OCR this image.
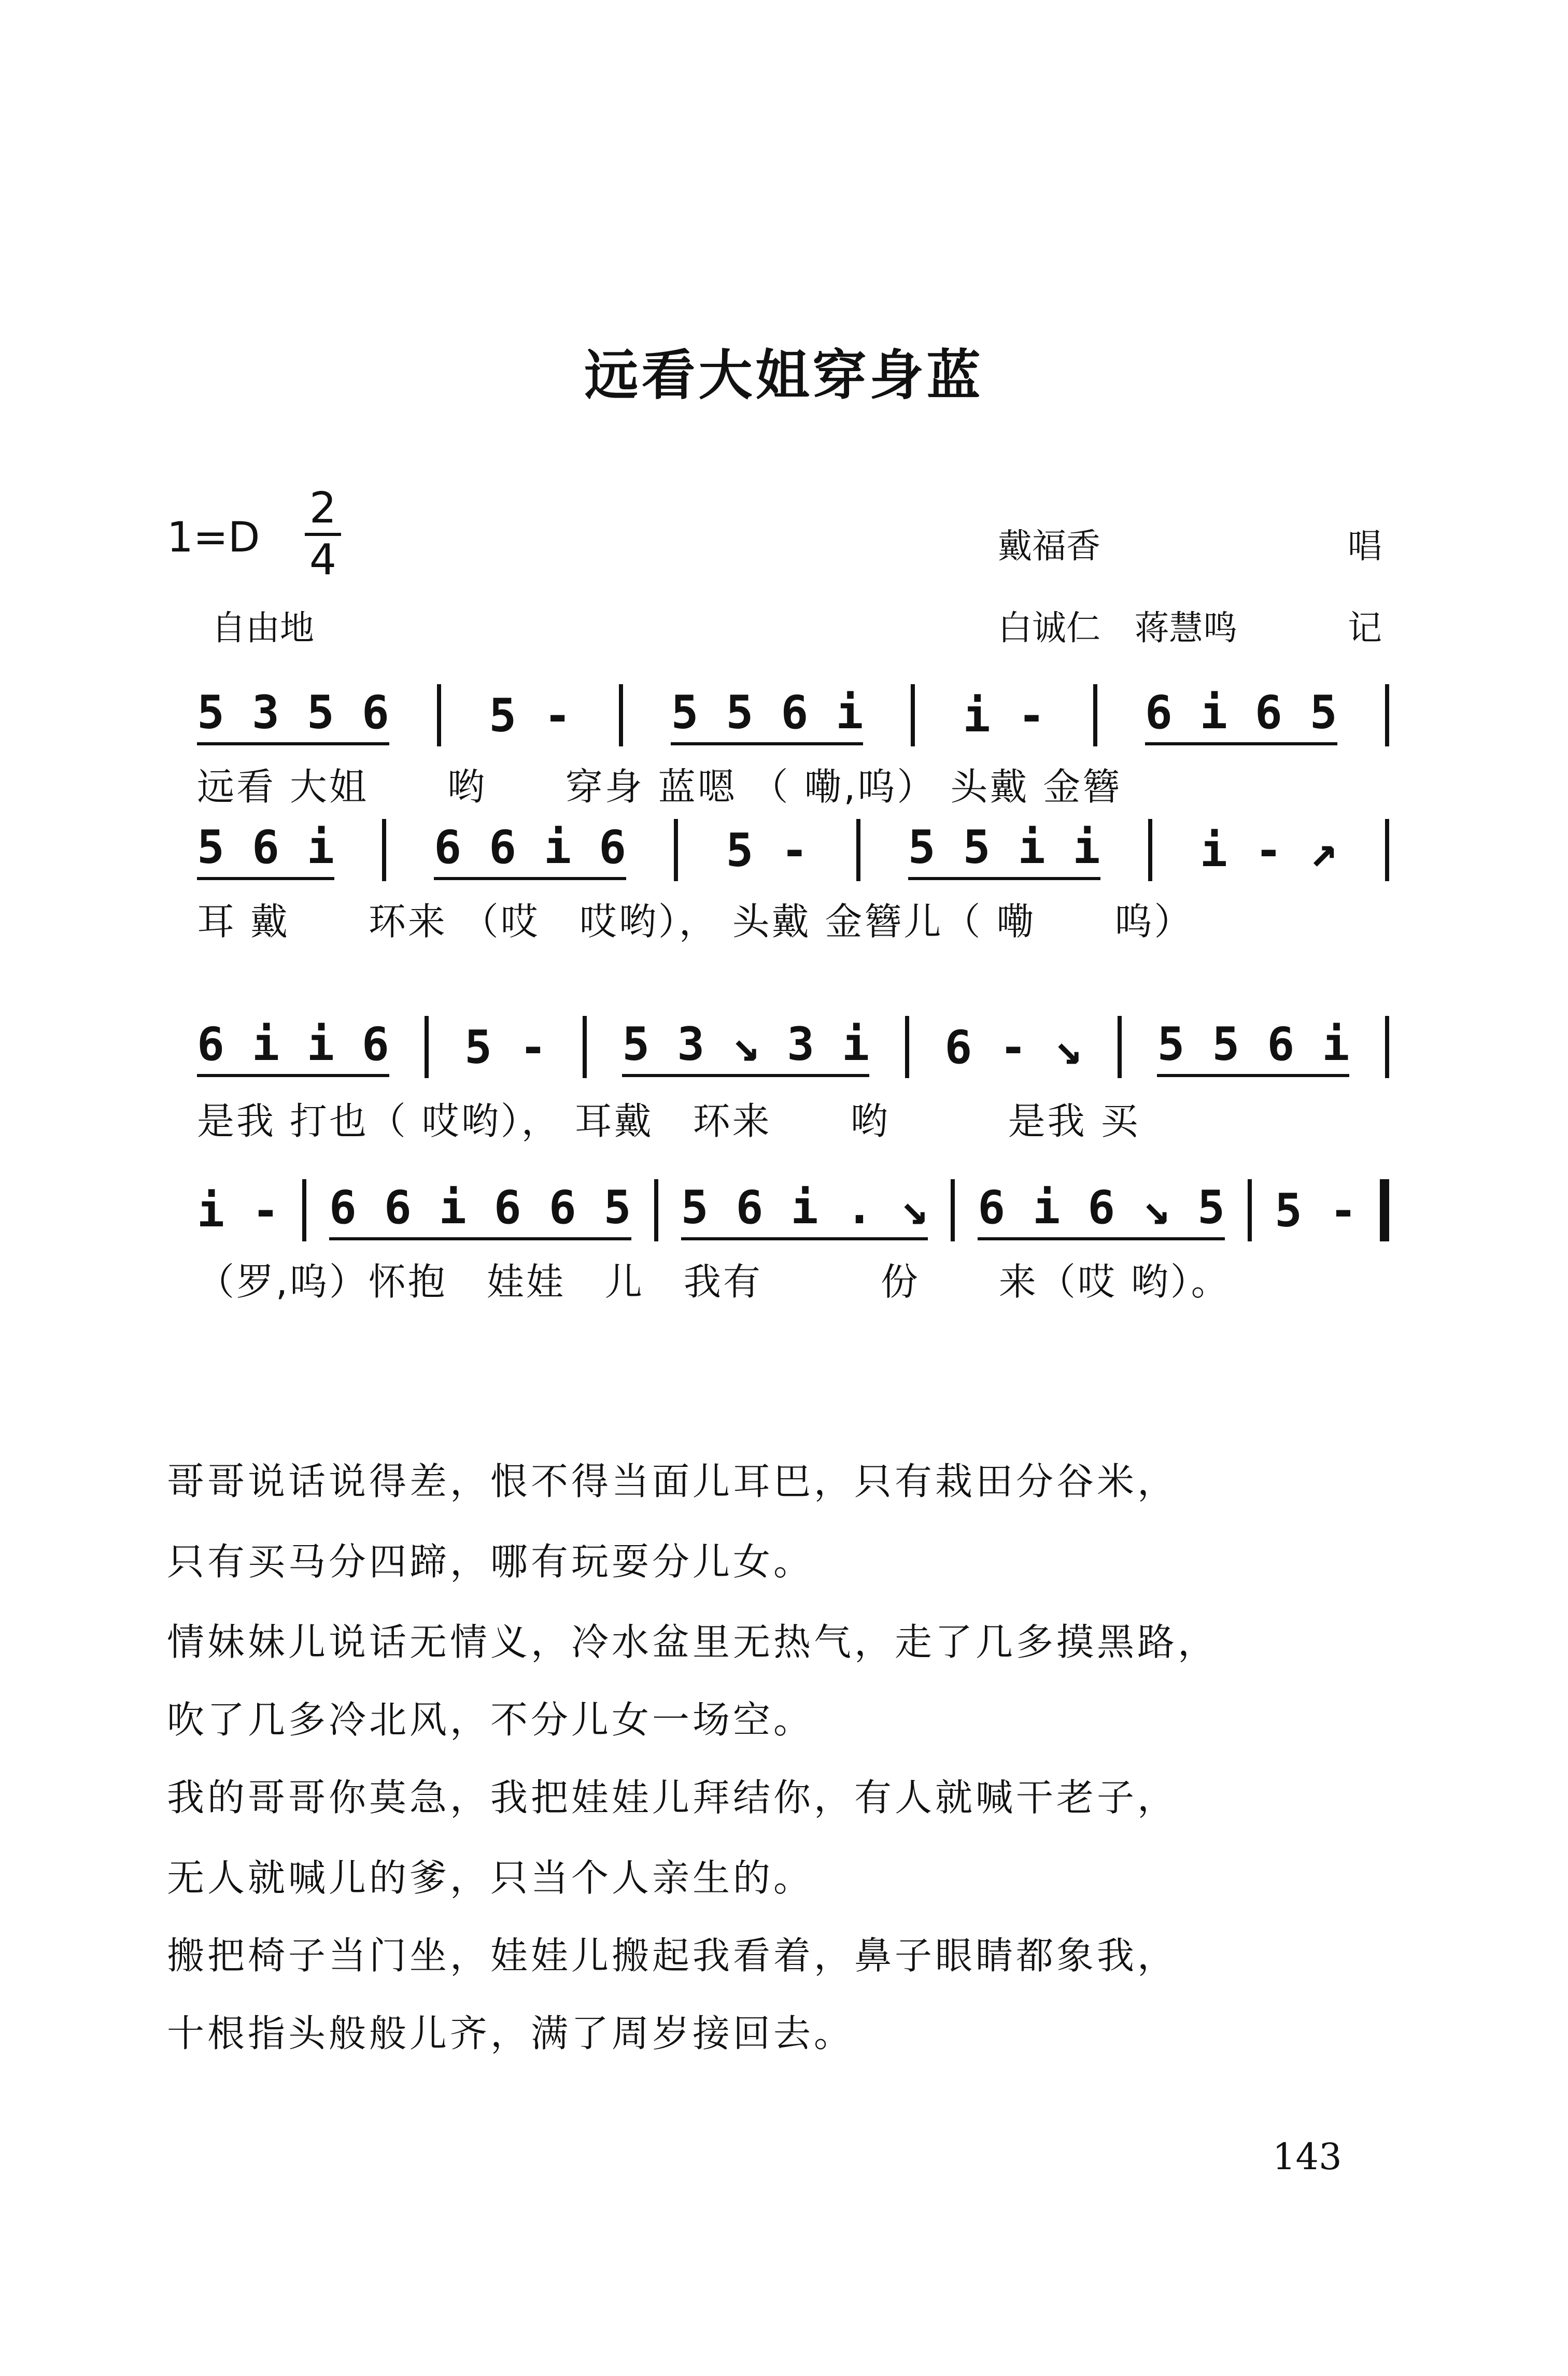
远看大姐穿身蓝
1=D
2
4	戴福香	唱
自由地	白诚仁　蒋慧鸣	记
5 3 5 6 5 - 5 5 6 i i - 6 i 6 5
远看 大姐　　哟　　穿身 蓝嗯 （ 嘞,呜） 头戴 金簪
5 6 i 6 6 i 6 5 - 5 5 i i i - ↗
耳 戴　　环来 （哎　哎哟）， 头戴 金簪儿（ 嘞　　呜）
6 i i 6 5 - 5 3 ↘ 3 i 6 - ↘ 5 5 6 i
是我 打也（ 哎哟）， 耳戴　环来　　哟　　　是我 买
i - 6 6 i 6 6 5 5 6 i . ↘ 6 i 6 ↘ 5 5 -
（罗,呜）怀抱　娃娃　儿　我有　　　份　　来（哎 哟）。
哥哥说话说得差，恨不得当面儿耳巴，只有栽田分谷米，
只有买马分四蹄，哪有玩耍分儿女。
情妹妹儿说话无情义，冷水盆里无热气，走了几多摸黑路，
吹了几多冷北风，不分儿女一场空。
我的哥哥你莫急，我把娃娃儿拜结你，有人就喊干老子，
无人就喊儿的爹，只当个人亲生的。
搬把椅子当门坐，娃娃儿搬起我看着，鼻子眼睛都象我，
十根指头般般儿齐，满了周岁接回去。
143
